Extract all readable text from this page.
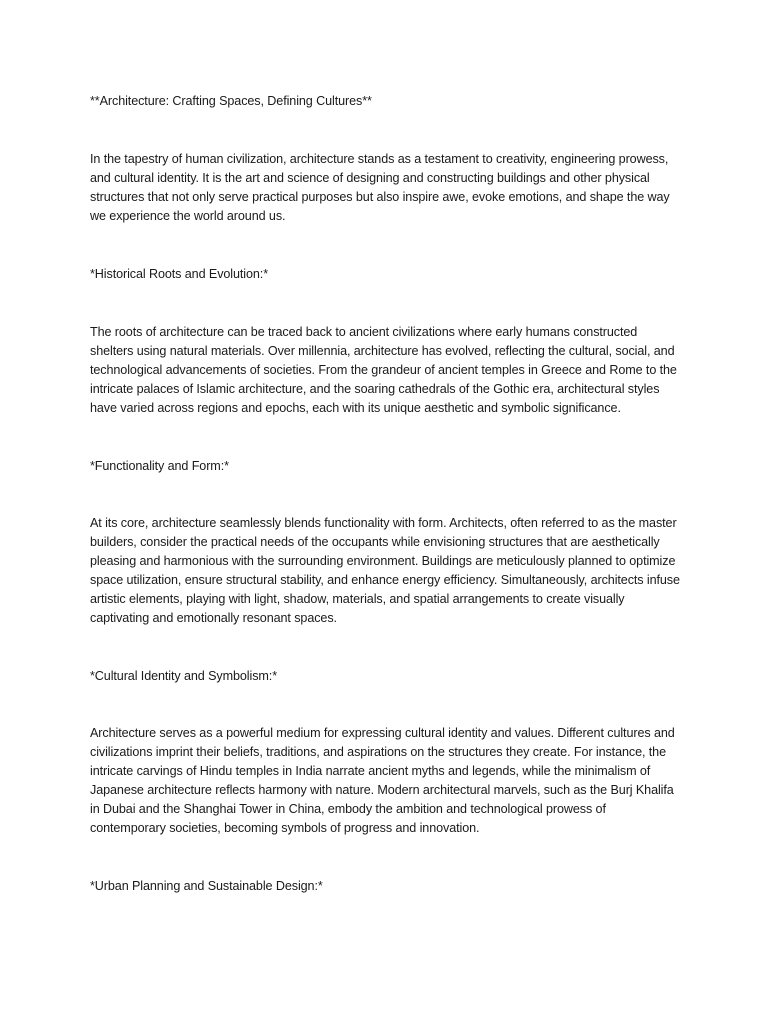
**Architecture: Crafting Spaces, Defining Cultures**

In the tapestry of human civilization, architecture stands as a testament to creativity, engineering prowess, and cultural identity. It is the art and science of designing and constructing buildings and other physical structures that not only serve practical purposes but also inspire awe, evoke emotions, and shape the way we experience the world around us.

*Historical Roots and Evolution:*

The roots of architecture can be traced back to ancient civilizations where early humans constructed shelters using natural materials. Over millennia, architecture has evolved, reflecting the cultural, social, and technological advancements of societies. From the grandeur of ancient temples in Greece and Rome to the intricate palaces of Islamic architecture, and the soaring cathedrals of the Gothic era, architectural styles have varied across regions and epochs, each with its unique aesthetic and symbolic significance.

*Functionality and Form:*

At its core, architecture seamlessly blends functionality with form. Architects, often referred to as the master builders, consider the practical needs of the occupants while envisioning structures that are aesthetically pleasing and harmonious with the surrounding environment. Buildings are meticulously planned to optimize space utilization, ensure structural stability, and enhance energy efficiency. Simultaneously, architects infuse artistic elements, playing with light, shadow, materials, and spatial arrangements to create visually captivating and emotionally resonant spaces.

*Cultural Identity and Symbolism:*

Architecture serves as a powerful medium for expressing cultural identity and values. Different cultures and civilizations imprint their beliefs, traditions, and aspirations on the structures they create. For instance, the intricate carvings of Hindu temples in India narrate ancient myths and legends, while the minimalism of Japanese architecture reflects harmony with nature. Modern architectural marvels, such as the Burj Khalifa in Dubai and the Shanghai Tower in China, embody the ambition and technological prowess of contemporary societies, becoming symbols of progress and innovation.

*Urban Planning and Sustainable Design:*
